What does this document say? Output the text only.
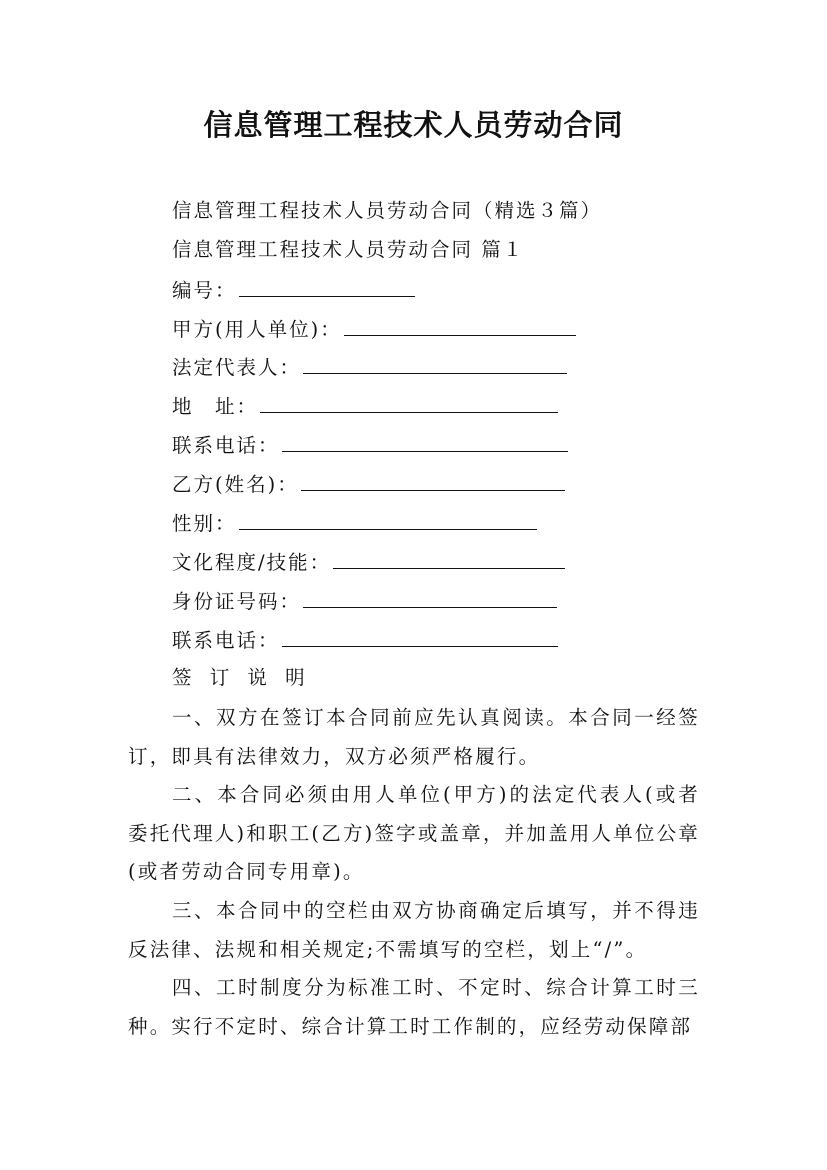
信息管理工程技术人员劳动合同
信息管理工程技术人员劳动合同（精选３篇）
信息管理工程技术人员劳动合同 篇１
编号：
甲方(用人单位)：
法定代表人：
地　址：
联系电话：
乙方(姓名)：
性别：
文化程度/技能：
身份证号码：
联系电话：
签 订 说 明
一、双方在签订本合同前应先认真阅读。本合同一经签订，即具有法律效力，双方必须严格履行。
二、本合同必须由用人单位(甲方)的法定代表人(或者委托代理人)和职工(乙方)签字或盖章，并加盖用人单位公章(或者劳动合同专用章)。
三、本合同中的空栏由双方协商确定后填写，并不得违反法律、法规和相关规定;不需填写的空栏，划上“/”。
四、工时制度分为标准工时、不定时、综合计算工时三种。实行不定时、综合计算工时工作制的，应经劳动保障部
